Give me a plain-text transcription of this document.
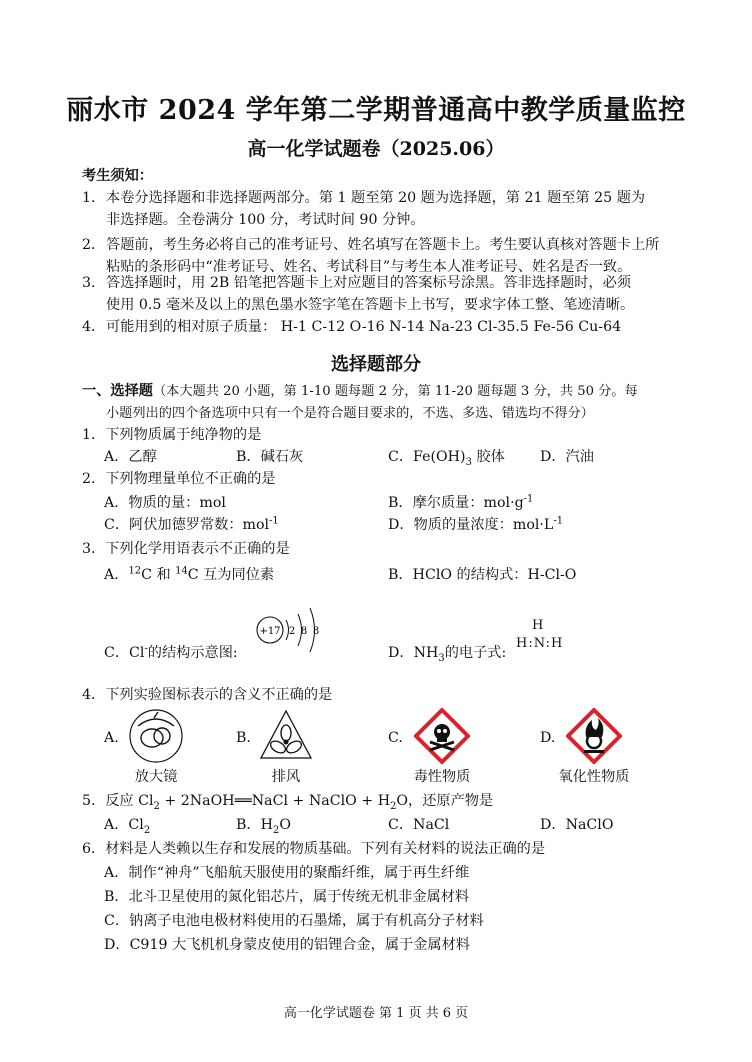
丽水市 2024 学年第二学期普通高中教学质量监控
高一化学试题卷（2025.06）
考生须知：
1． 本卷分选择题和非选择题两部分。第 1 题至第 20 题为选择题，第 21 题至第 25 题为
非选择题。全卷满分 100 分，考试时间 90 分钟。
2． 答题前，考生务必将自己的准考证号、姓名填写在答题卡上。考生要认真核对答题卡上所
粘贴的条形码中“准考证号、姓名、考试科目”与考生本人准考证号、姓名是否一致。
3． 答选择题时，用 2B 铅笔把答题卡上对应题目的答案标号涂黑。答非选择题时，必须
使用 0.5 毫米及以上的黑色墨水签字笔在答题卡上书写，要求字体工整、笔迹清晰。
4． 可能用到的相对原子质量： H-1 C-12 O-16 N-14 Na-23 Cl-35.5 Fe-56 Cu-64
选择题部分
一、选择题（本大题共 20 小题，第 1-10 题每题 2 分，第 11-20 题每题 3 分，共 50 分。每
小题列出的四个备选项中只有一个是符合题目要求的，不选、多选、错选均不得分）
1．下列物质属于纯净物的是
A．乙醇	B．碱石灰	C．$Fe(OH)_3$ 胶体 D．汽油
2．下列物理量单位不正确的是
A．物质的量：mol	B．摩尔质量：$mol\cdot g^{-1}$
C．阿伏加德罗常数：mol$^{-1}$	D．物质的量浓度：$mol\cdot L^{-1}$
3．下列化学用语表示不正确的是
A．$^{12}$C 和 $^{14}$C 互为同位素	B．HClO 的结构式：H-Cl-O
C．Cl-的结构示意图:
+17 2 8 8
D．$NH_3$的电子式:
H
H:N:H
4．下列实验图标表示的含义不正确的是
A.	B.	C.	D.
放大镜	排风	毒性物质	氧化性物质
5．反应 $Cl_2$ + 2NaOH══NaCl + NaClO + $H_2O$，还原产物是
A．$Cl_2$	B．$H_2O$	C．NaCl	D．NaClO
6．材料是人类赖以生存和发展的物质基础。下列有关材料的说法正确的是
A．制作“神舟”飞船航天服使用的聚酯纤维，属于再生纤维
B．北斗卫星使用的氮化铝芯片，属于传统无机非金属材料
C．钠离子电池电极材料使用的石墨烯，属于有机高分子材料
D．C919 大飞机机身蒙皮使用的铝锂合金，属于金属材料
高一化学试题卷 第 1 页 共 6 页
